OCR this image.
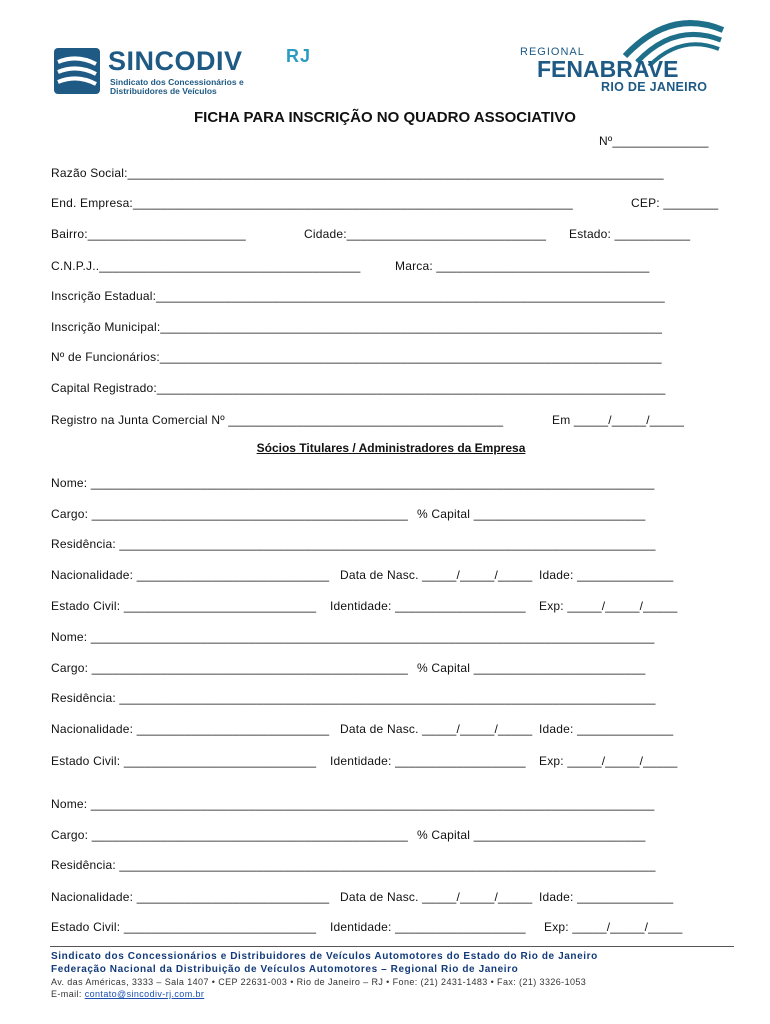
SINCODIV RJ
Sindicato dos Concessionários e
Distribuidores de Veículos
REGIONAL
FENABRAVE
RIO DE JANEIRO
FICHA PARA INSCRIÇÃO NO QUADRO ASSOCIATIVO
Nº______________
Razão Social:______________________________________________________________________________
End. Empresa:________________________________________________________________	CEP: ________
Bairro:_______________________	Cidade:_____________________________ Estado: ___________
C.N.P.J..______________________________________	Marca: _______________________________
Inscrição Estadual:__________________________________________________________________________
Inscrição Municipal:_________________________________________________________________________
Nº de Funcionários:_________________________________________________________________________
Capital Registrado:__________________________________________________________________________
Registro na Junta Comercial Nº ________________________________________	Em _____/_____/_____
Sócios Titulares / Administradores da Empresa
Nome: __________________________________________________________________________________
Cargo: ______________________________________________ % Capital _________________________
Residência: ______________________________________________________________________________
Nacionalidade: ____________________________ Data de Nasc. _____/_____/_____ Idade: ______________
Estado Civil: ____________________________ Identidade: ___________________ Exp: _____/_____/_____
Nome: __________________________________________________________________________________
Cargo: ______________________________________________ % Capital _________________________
Residência: ______________________________________________________________________________
Nacionalidade: ____________________________ Data de Nasc. _____/_____/_____ Idade: ______________
Estado Civil: ____________________________ Identidade: ___________________ Exp: _____/_____/_____
Nome: __________________________________________________________________________________
Cargo: ______________________________________________ % Capital _________________________
Residência: ______________________________________________________________________________
Nacionalidade: ____________________________ Data de Nasc. _____/_____/_____ Idade: ______________
Estado Civil: ____________________________ Identidade: ___________________ Exp: _____/_____/_____
Sindicato dos Concessionários e Distribuidores de Veículos Automotores do Estado do Rio de Janeiro
Federação Nacional da Distribuição de Veículos Automotores – Regional Rio de Janeiro
Av. das Américas, 3333 – Sala 1407 • CEP 22631-003 • Rio de Janeiro – RJ • Fone: (21) 2431-1483 • Fax: (21) 3326-1053
E-mail: contato@sincodiv-rj.com.br
